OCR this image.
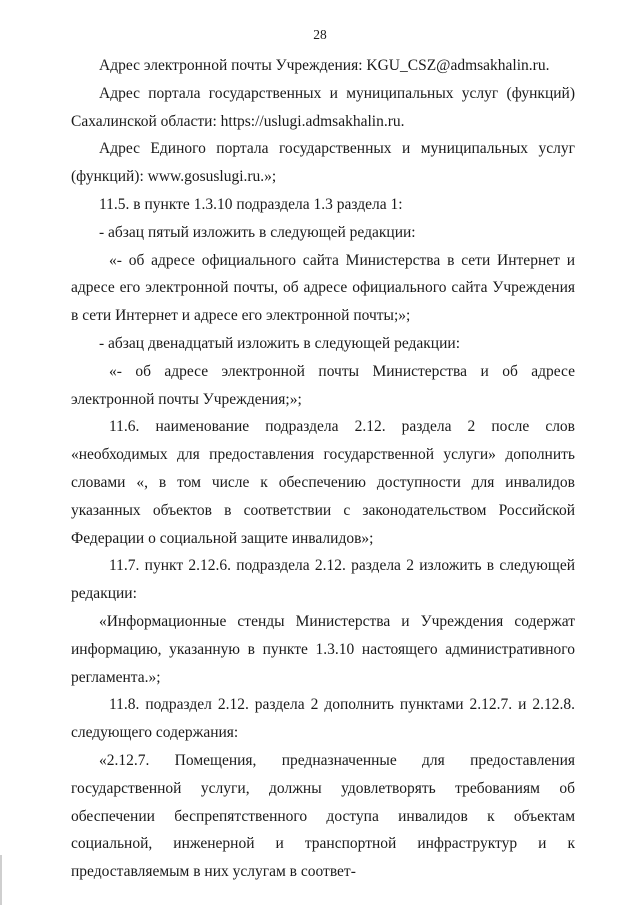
28

Адрес электронной почты Учреждения: KGU_CSZ@admsakhalin.ru.

Адрес портала государственных и муниципальных услуг (функций) Сахалинской области: https://uslugi.admsakhalin.ru.

Адрес Единого портала государственных и муниципальных услуг (функций): www.gosuslugi.ru.»;

11.5. в пункте 1.3.10 подраздела 1.3 раздела 1:

- абзац пятый изложить в следующей редакции:

«- об адресе официального сайта Министерства в сети Интернет и адресе его электронной почты, об адресе официального сайта Учреждения в сети Интернет и адресе его электронной почты;»;

- абзац двенадцатый изложить в следующей редакции:

«- об адресе электронной почты Министерства и об адресе электронной почты Учреждения;»;

11.6. наименование подраздела 2.12. раздела 2 после слов «необходимых для предоставления государственной услуги» дополнить словами «, в том числе к обеспечению доступности для инвалидов указанных объектов в соответствии с законодательством Российской Федерации о социальной защите инвалидов»;

11.7. пункт 2.12.6. подраздела 2.12. раздела 2 изложить в следующей редакции:

«Информационные стенды Министерства и Учреждения содержат информацию, указанную в пункте 1.3.10 настоящего административного регламента.»;

11.8. подраздел 2.12. раздела 2 дополнить пунктами 2.12.7. и 2.12.8. следующего содержания:

«2.12.7. Помещения, предназначенные для предоставления государственной услуги, должны удовлетворять требованиям об обеспечении беспрепятственного доступа инвалидов к объектам социальной, инженерной и транспортной инфраструктур и к предоставляемым в них услугам в соответ-
